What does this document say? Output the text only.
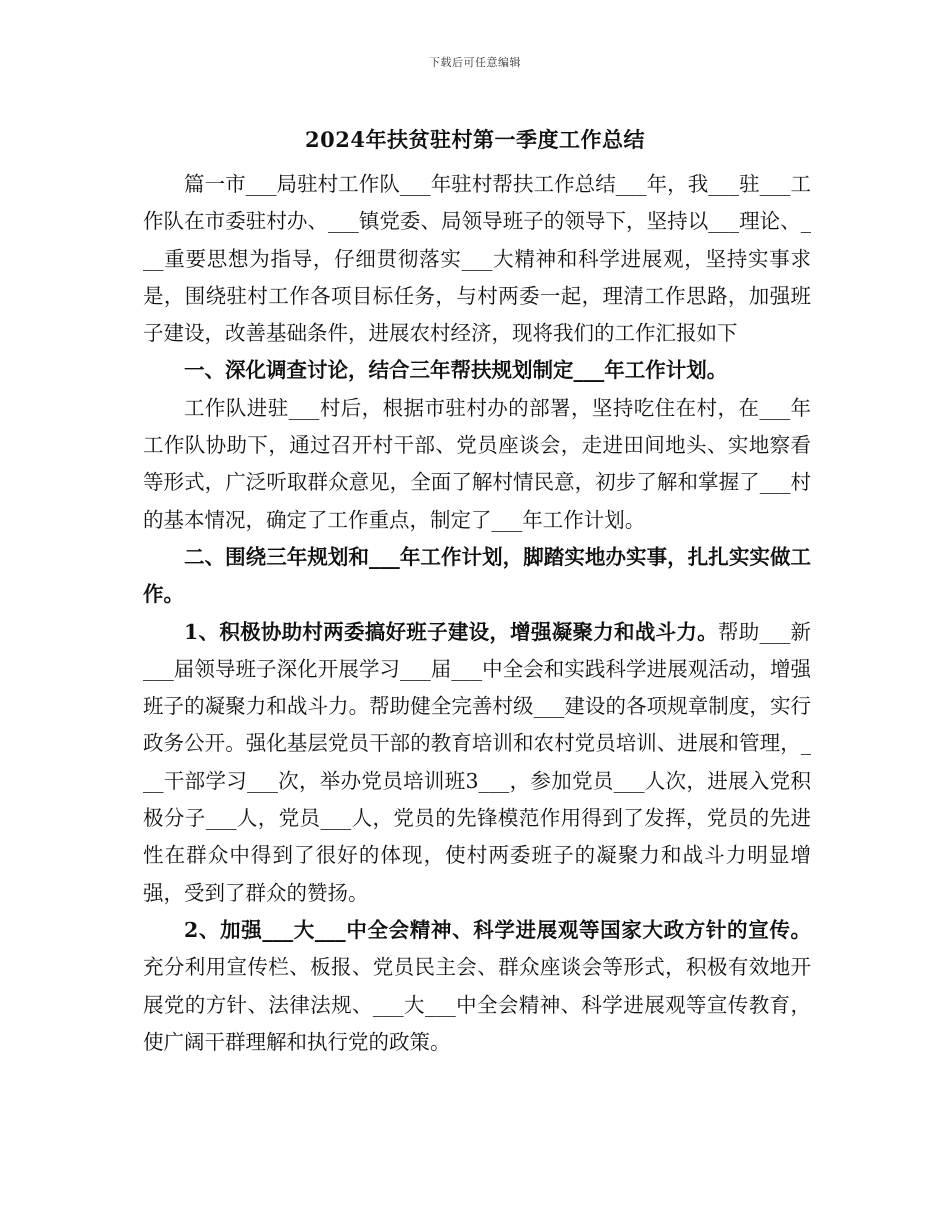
下载后可任意编辑
2024年扶贫驻村第一季度工作总结

篇一市___局驻村工作队___年驻村帮扶工作总结___年，我___驻___工作队在市委驻村办、___镇党委、局领导班子的领导下，坚持以___理论、___重要思想为指导，仔细贯彻落实___大精神和科学进展观，坚持实事求是，围绕驻村工作各项目标任务，与村两委一起，理清工作思路，加强班子建设，改善基础条件，进展农村经济，现将我们的工作汇报如下

一、深化调查讨论，结合三年帮扶规划制定___年工作计划。

工作队进驻___村后，根据市驻村办的部署，坚持吃住在村，在___年工作队协助下，通过召开村干部、党员座谈会，走进田间地头、实地察看等形式，广泛听取群众意见，全面了解村情民意，初步了解和掌握了___村的基本情况，确定了工作重点，制定了___年工作计划。

二、围绕三年规划和___年工作计划，脚踏实地办实事，扎扎实实做工作。

1、积极协助村两委搞好班子建设，增强凝聚力和战斗力。帮助___新___届领导班子深化开展学习___届___中全会和实践科学进展观活动，增强班子的凝聚力和战斗力。帮助健全完善村级___建设的各项规章制度，实行政务公开。强化基层党员干部的教育培训和农村党员培训、进展和管理，___干部学习___次，举办党员培训班3___，参加党员___人次，进展入党积极分子___人，党员___人，党员的先锋模范作用得到了发挥，党员的先进性在群众中得到了很好的体现，使村两委班子的凝聚力和战斗力明显增强，受到了群众的赞扬。

2、加强___大___中全会精神、科学进展观等国家大政方针的宣传。充分利用宣传栏、板报、党员民主会、群众座谈会等形式，积极有效地开展党的方针、法律法规、___大___中全会精神、科学进展观等宣传教育，使广阔干群理解和执行党的政策。
